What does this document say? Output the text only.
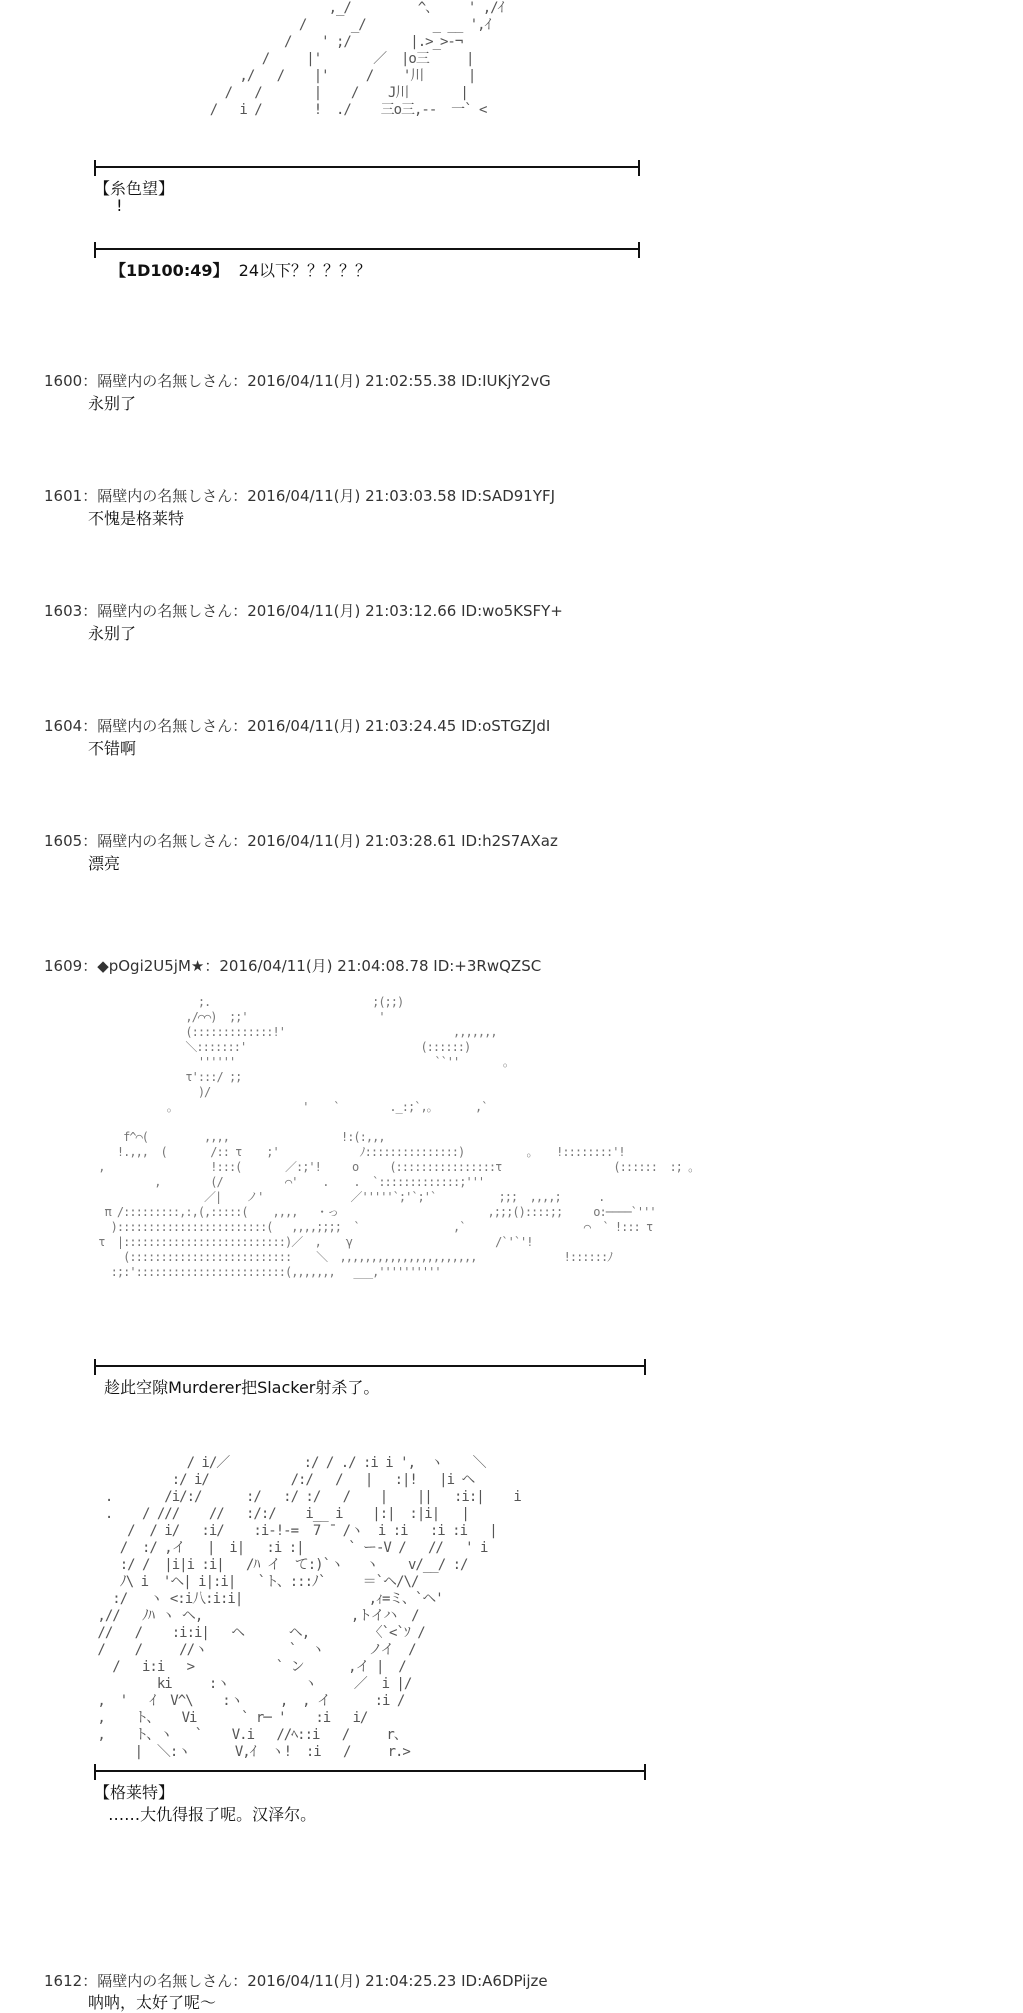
,_/         ^、    ' ,/ｲ
/      _/         _ __ ',ｲ
/    ' ;/        |.>_>‐¬
/     |'       ／  |o三     |
,/   /    |'     /    '川      |
/   /       |    /    J川       |
/   i /       !  ./    三o三,--  一` <
【糸色望】
!
【1D100:49】 24以下？？？？？
1600：隔壁内の名無しさん：2016/04/11(月) 21:02:55.38 ID:IUKjY2vG
永别了
1601：隔壁内の名無しさん：2016/04/11(月) 21:03:03.58 ID:SAD91YFJ
不愧是格莱特
1603：隔壁内の名無しさん：2016/04/11(月) 21:03:12.66 ID:wo5KSFY+
永别了
1604：隔壁内の名無しさん：2016/04/11(月) 21:03:24.45 ID:oSTGZJdI
不错啊
1605：隔壁内の名無しさん：2016/04/11(月) 21:03:28.61 ID:h2S7AXaz
漂亮
1609：◆pOgi2U5jM★：2016/04/11(月) 21:04:08.78 ID:+3RwQZSC
;.                          ;(;;)
,/⌒⌒)  ;;'                     '
(:::::::::::::!'                           ,,,,,,,
＼:::::::'                            (::::::)
''''''                                ``''       。
τ':::/ ;;
)/
。                    '    `        ._:;`,。      ,`
f^⌒(         ,,,,                  !:(:,,,
!.,,,  (       /:: τ    ;'             ﾉ:::::::::::::::)          。   !::::::::'!
,                 !:::(       ／:;'!     o     (::::::::::::::::τ                  (::::::  :; 。
,        (/          ⌒'    .    .  `:::::::::::::;'''
／|    ノ'              ／'''''`;'`;'`          ;;;  ,,,,;      .
π /:::::::::,:,(,:::::(    ,,,,   ・っ                        ,;;;()::::;;     o:────`'''
)::::::::::::::::::::::::(   ,,,,;;;;  `               ,`                   ⌒  ` !::: τ
τ  |::::::::::::::::::::::::::)／  ,    γ                       /`'`'!
(::::::::::::::::::::::::::    ＼  ,,,,,,,,,,,,,,,,,,,,,,              !::::::ﾉ
:;:'::::::::::::::::::::::::(,,,,,,,   ___,''''''''''
趁此空隙Murderer把Slacker射杀了。
/ i/／          :/ / ./ :i i ',  ヽ    ＼
:/ i/           /:/   /   |   :|!   |i ヘ
.       /i/:/      :/   :/ :/   /    |    ||   :i:|    i
.    / ///    //   :/:/    i__ i    |:|  :|i|   |
/  / i/   :i/    :i-!-=  7 ̄  /ヽ  i :i   :i :i   |
/  :/ ,イ   |  i|   :i :|      ` ー-V /   //   ' i
:/ /  |i|i :i|   /ﾊ イ  て:)`ヽ   ヽ    v/__/ :/
ﾉ\ i  'ヘ| i|:i|   `ト、:::ﾉ`     ＝`ヘ/\/
:/   ヽ <:i八:i:i|                 ,ｨ=ミ、`ヘ'
,//   ﾉﾊ ヽ ヘ,                    ,トイハ  /
//   /    :i:i|   ヘ      ヘ,        〈`<`ｿ /
/    /     //ヽ           `  ヽ      ノイ  /
/   i:i   >           ` ン      ,イ |  /
ki     :ヽ          ヽ     ／  i |/
,  '   ｲ  V^\    :ヽ     ,  , イ      :i /
,    ト、   Vi      ` r─ '    :i   i/
,    ト、ヽ   `    V.i   //ﾍ::i   /     r、
|  ＼:ヽ      V,ｲ  ヽ!  :i   /     r.>
【格莱特】
……大仇得报了呢。汉泽尔。
1612：隔壁内の名無しさん：2016/04/11(月) 21:04:25.23 ID:A6DPijze
呐呐，太好了呢～
